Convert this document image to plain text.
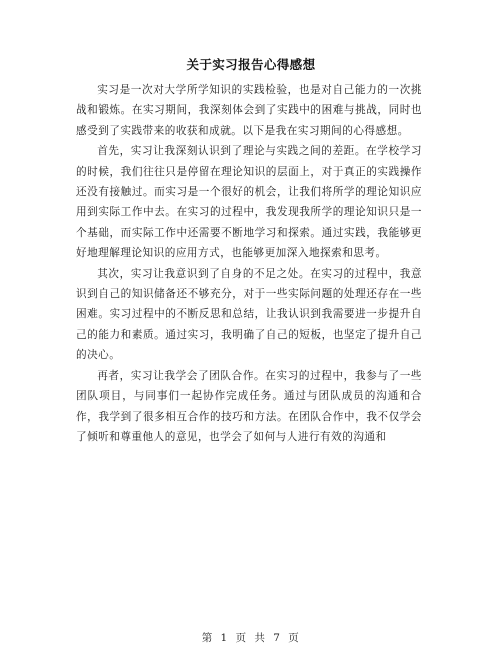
关于实习报告心得感想

实习是一次对大学所学知识的实践检验，也是对自己能力的一次挑战和锻炼。在实习期间，我深刻体会到了实践中的困难与挑战，同时也感受到了实践带来的收获和成就。以下是我在实习期间的心得感想。

首先，实习让我深刻认识到了理论与实践之间的差距。在学校学习的时候，我们往往只是停留在理论知识的层面上，对于真正的实践操作还没有接触过。而实习是一个很好的机会，让我们将所学的理论知识应用到实际工作中去。在实习的过程中，我发现我所学的理论知识只是一个基础，而实际工作中还需要不断地学习和探索。通过实践，我能够更好地理解理论知识的应用方式，也能够更加深入地探索和思考。

其次，实习让我意识到了自身的不足之处。在实习的过程中，我意识到自己的知识储备还不够充分，对于一些实际问题的处理还存在一些困难。实习过程中的不断反思和总结，让我认识到我需要进一步提升自己的能力和素质。通过实习，我明确了自己的短板，也坚定了提升自己的决心。

再者，实习让我学会了团队合作。在实习的过程中，我参与了一些团队项目，与同事们一起协作完成任务。通过与团队成员的沟通和合作，我学到了很多相互合作的技巧和方法。在团队合作中，我不仅学会了倾听和尊重他人的意见，也学会了如何与人进行有效的沟通和

第 1 页 共 7 页
